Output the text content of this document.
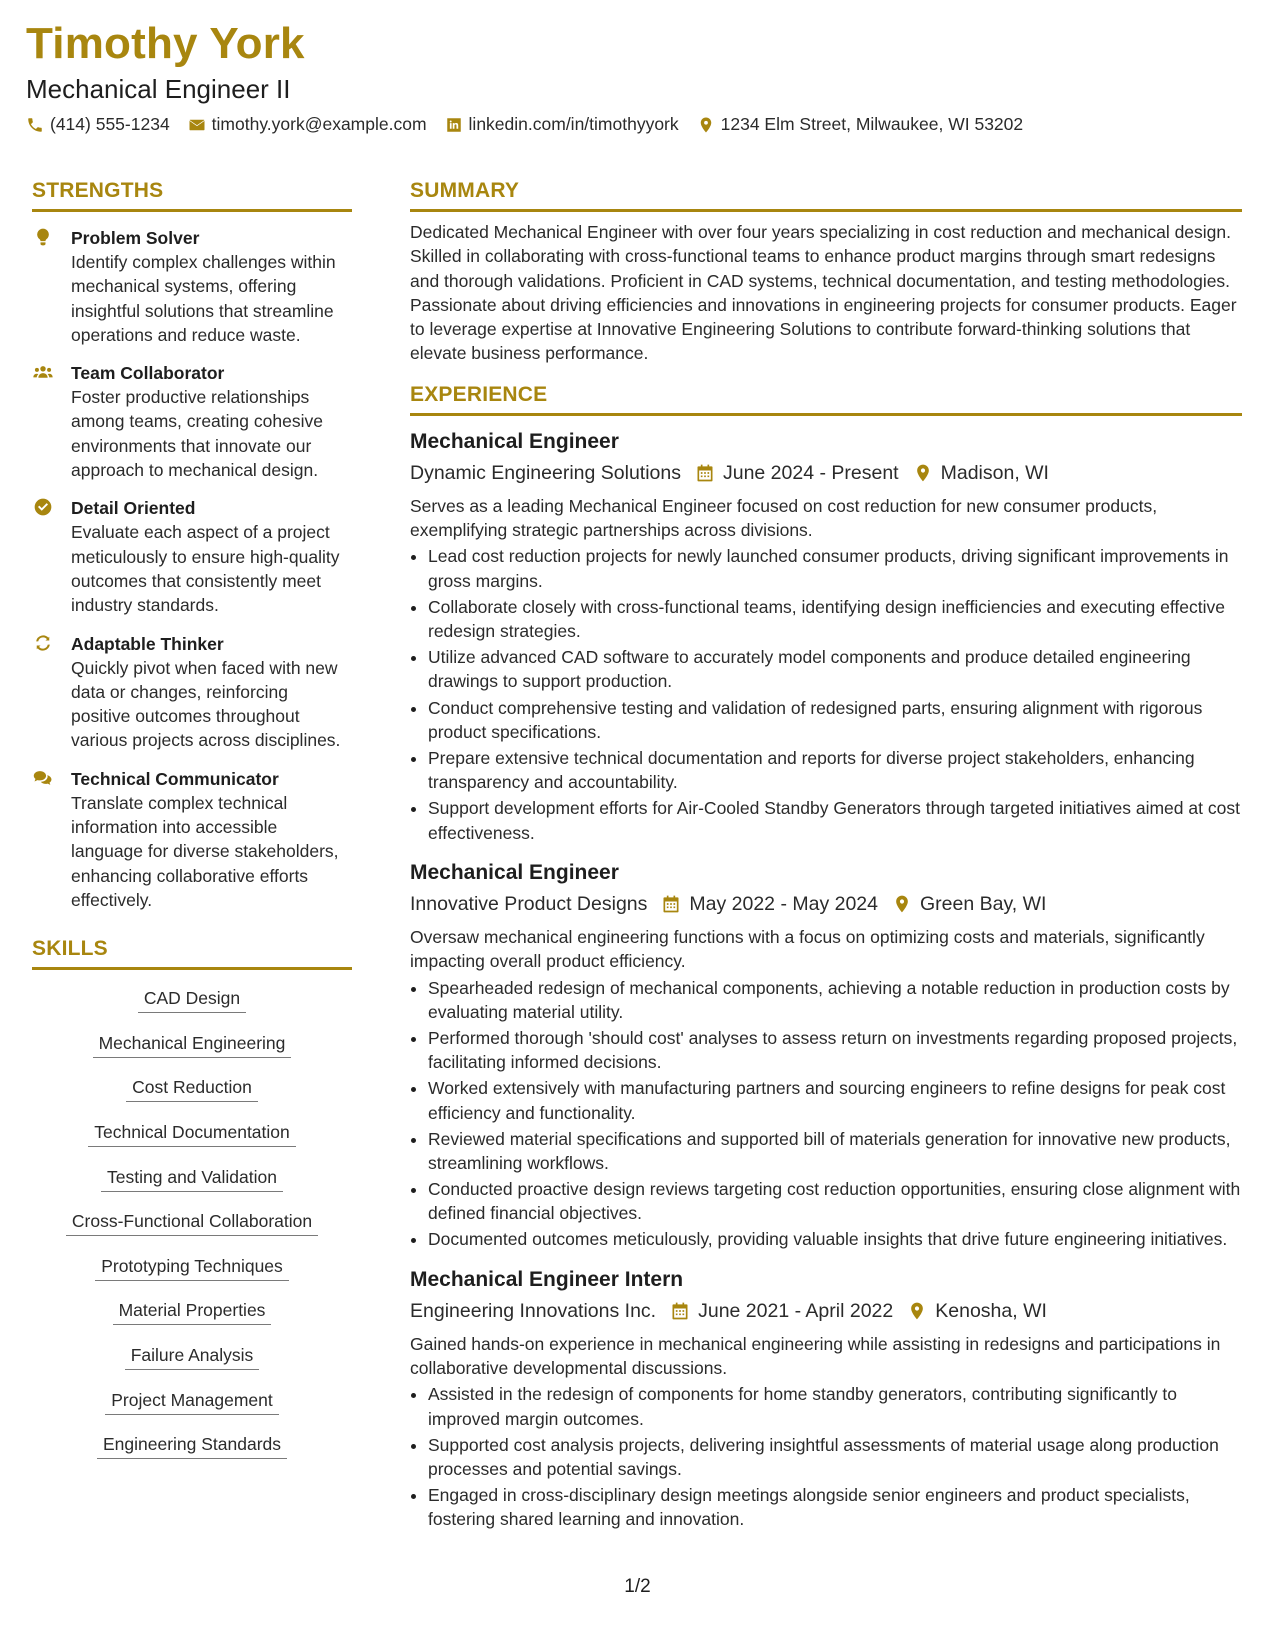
Timothy York
Mechanical Engineer II
(414) 555-1234 timothy.york@example.com linkedin.com/in/timothyyork 1234 Elm Street, Milwaukee, WI 53202
STRENGTHS
Problem Solver
Identify complex challenges within mechanical systems, offering insightful solutions that streamline operations and reduce waste.
Team Collaborator
Foster productive relationships among teams, creating cohesive environments that innovate our approach to mechanical design.
Detail Oriented
Evaluate each aspect of a project meticulously to ensure high-quality outcomes that consistently meet industry standards.
Adaptable Thinker
Quickly pivot when faced with new data or changes, reinforcing positive outcomes throughout various projects across disciplines.
Technical Communicator
Translate complex technical information into accessible language for diverse stakeholders, enhancing collaborative efforts effectively.
SKILLS
CAD Design
Mechanical Engineering
Cost Reduction
Technical Documentation
Testing and Validation
Cross-Functional Collaboration
Prototyping Techniques
Material Properties
Failure Analysis
Project Management
Engineering Standards
SUMMARY
Dedicated Mechanical Engineer with over four years specializing in cost reduction and mechanical design. Skilled in collaborating with cross-functional teams to enhance product margins through smart redesigns and thorough validations. Proficient in CAD systems, technical documentation, and testing methodologies. Passionate about driving efficiencies and innovations in engineering projects for consumer products. Eager to leverage expertise at Innovative Engineering Solutions to contribute forward-thinking solutions that elevate business performance.
EXPERIENCE
Mechanical Engineer
Dynamic Engineering Solutions June 2024 - Present Madison, WI
Serves as a leading Mechanical Engineer focused on cost reduction for new consumer products, exemplifying strategic partnerships across divisions.
• Lead cost reduction projects for newly launched consumer products, driving significant improvements in gross margins.
• Collaborate closely with cross-functional teams, identifying design inefficiencies and executing effective redesign strategies.
• Utilize advanced CAD software to accurately model components and produce detailed engineering drawings to support production.
• Conduct comprehensive testing and validation of redesigned parts, ensuring alignment with rigorous product specifications.
• Prepare extensive technical documentation and reports for diverse project stakeholders, enhancing transparency and accountability.
• Support development efforts for Air-Cooled Standby Generators through targeted initiatives aimed at cost effectiveness.
Mechanical Engineer
Innovative Product Designs May 2022 - May 2024 Green Bay, WI
Oversaw mechanical engineering functions with a focus on optimizing costs and materials, significantly impacting overall product efficiency.
• Spearheaded redesign of mechanical components, achieving a notable reduction in production costs by evaluating material utility.
• Performed thorough 'should cost' analyses to assess return on investments regarding proposed projects, facilitating informed decisions.
• Worked extensively with manufacturing partners and sourcing engineers to refine designs for peak cost efficiency and functionality.
• Reviewed material specifications and supported bill of materials generation for innovative new products, streamlining workflows.
• Conducted proactive design reviews targeting cost reduction opportunities, ensuring close alignment with defined financial objectives.
• Documented outcomes meticulously, providing valuable insights that drive future engineering initiatives.
Mechanical Engineer Intern
Engineering Innovations Inc. June 2021 - April 2022 Kenosha, WI
Gained hands-on experience in mechanical engineering while assisting in redesigns and participations in collaborative developmental discussions.
• Assisted in the redesign of components for home standby generators, contributing significantly to improved margin outcomes.
• Supported cost analysis projects, delivering insightful assessments of material usage along production processes and potential savings.
• Engaged in cross-disciplinary design meetings alongside senior engineers and product specialists, fostering shared learning and innovation.
1/2
